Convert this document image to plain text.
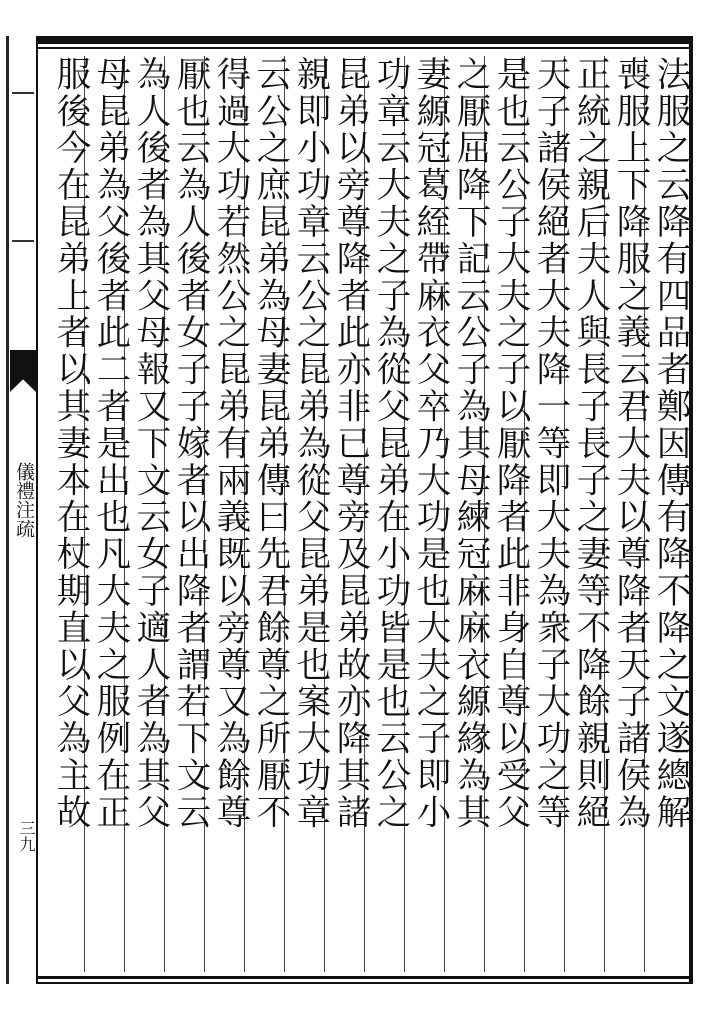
儀禮注疏
三九
法服之云降有四品者鄭因傳有降不降之文遂總解
喪服上下降服之義云君大夫以尊降者天子諸侯為
正統之親后夫人與長子長子之妻等不降餘親則絕
天子諸侯絕者大夫降一等即大夫為衆子大功之等
是也云公子大夫之子以厭降者此非身自尊以受父
之厭屈降下記云公子為其母練冠麻麻衣縓緣為其
妻縓冠葛絰帶麻衣父卒乃大功是也大夫之子即小
功章云大夫之子為從父昆弟在小功皆是也云公之
昆弟以旁尊降者此亦非已尊旁及昆弟故亦降其諸
親即小功章云公之昆弟為從父昆弟是也案大功章
云公之庶昆弟為母妻昆弟傳曰先君餘尊之所厭不
得過大功若然公之昆弟有兩義既以旁尊又為餘尊
厭也云為人後者女子子嫁者以出降者謂若下文云
為人後者為其父母報又下文云女子適人者為其父
母昆弟為父後者此二者是出也凡大夫之服例在正
服後今在昆弟上者以其妻本在杖期直以父為主故
